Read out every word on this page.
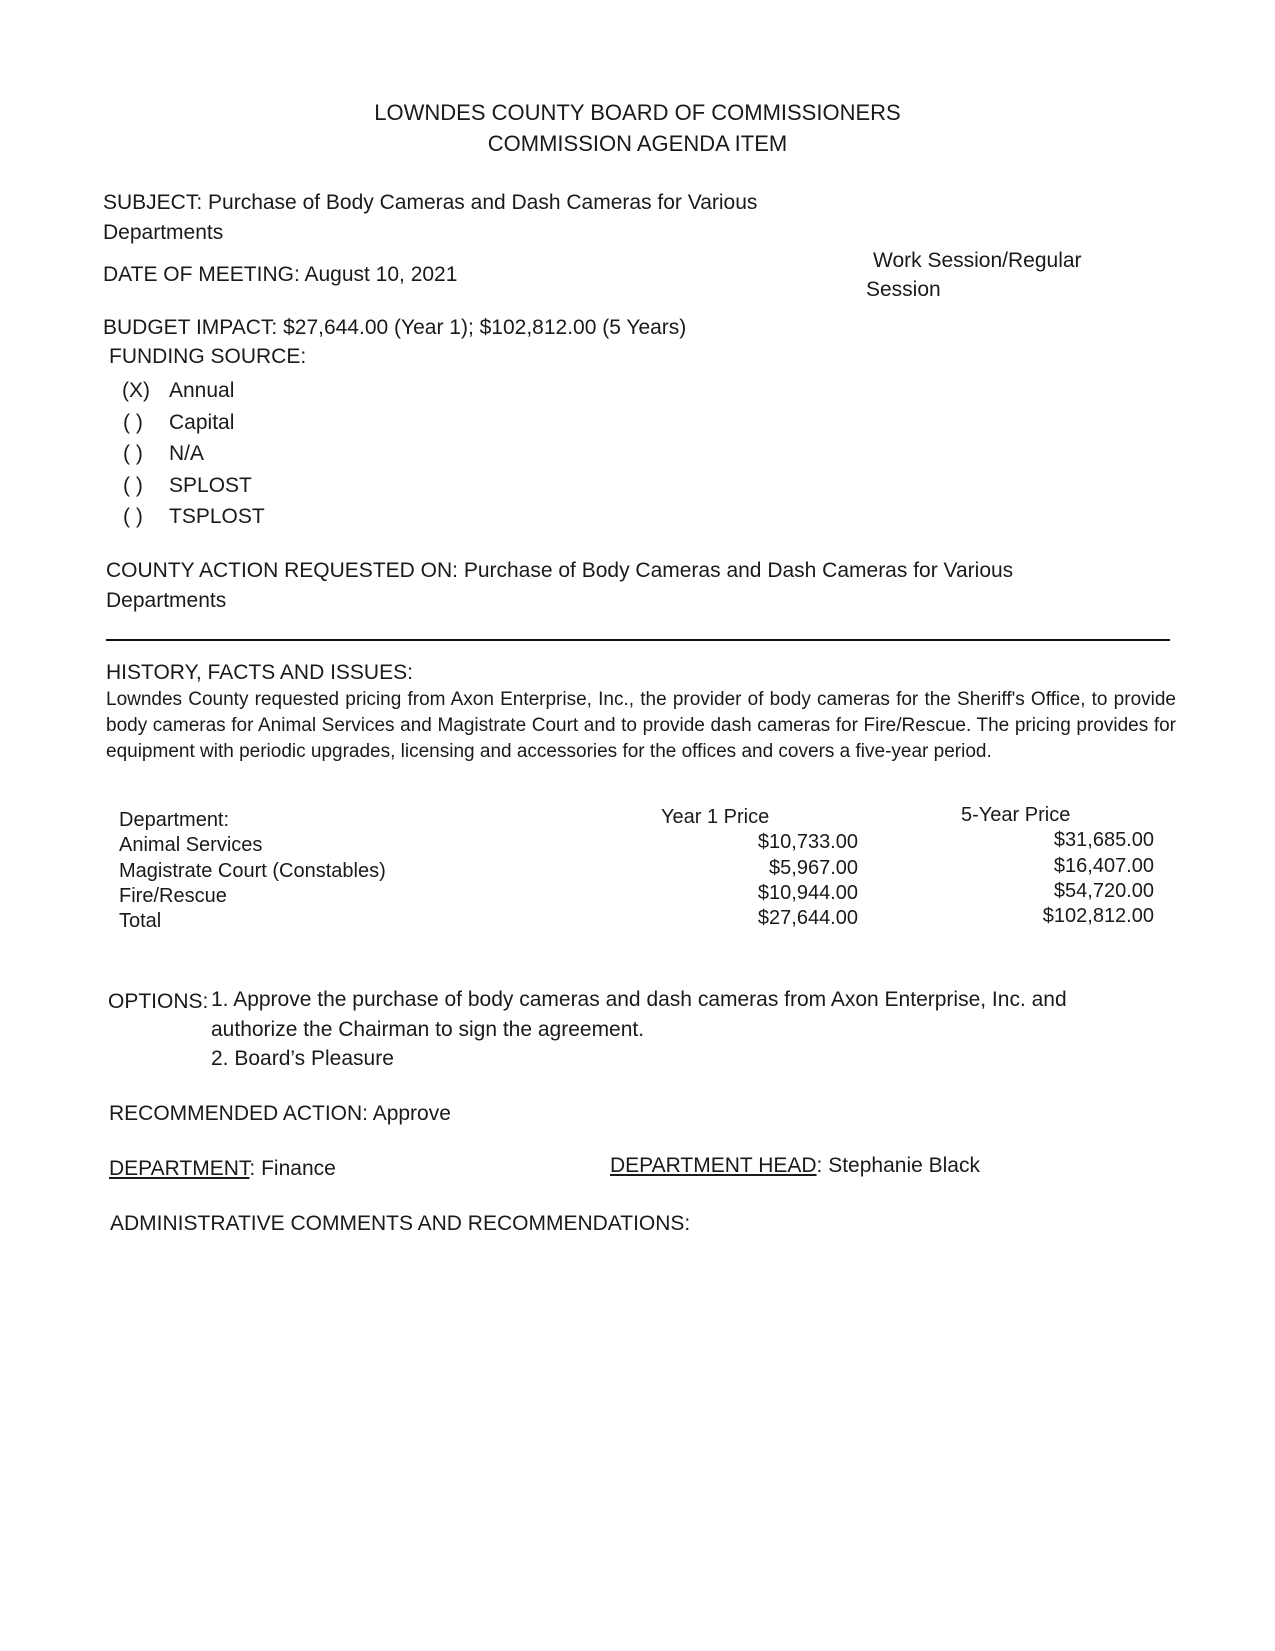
LOWNDES COUNTY BOARD OF COMMISSIONERS
COMMISSION AGENDA ITEM
SUBJECT: Purchase of Body Cameras and Dash Cameras for Various
Departments
DATE OF MEETING: August 10, 2021
Work Session/Regular
Session
BUDGET IMPACT: $27,644.00 (Year 1); $102,812.00 (5 Years)
FUNDING SOURCE:
(X) Annual
( ) Capital
( ) N/A
( ) SPLOST
( ) TSPLOST
COUNTY ACTION REQUESTED ON: Purchase of Body Cameras and Dash Cameras for Various
Departments
HISTORY, FACTS AND ISSUES:
Lowndes County requested pricing from Axon Enterprise, Inc., the provider of body cameras for the Sheriff's Office, to provide body cameras for Animal Services and Magistrate Court and to provide dash cameras for Fire/Rescue. The pricing provides for equipment with periodic upgrades, licensing and accessories for the offices and covers a five-year period.
Department:	Year 1 Price	5-Year Price
Animal Services	$10,733.00	$31,685.00
Magistrate Court (Constables)	$5,967.00	$16,407.00
Fire/Rescue	$10,944.00	$54,720.00
Total	$27,644.00	$102,812.00
OPTIONS: 1. Approve the purchase of body cameras and dash cameras from Axon Enterprise, Inc. and
authorize the Chairman to sign the agreement.
2. Board’s Pleasure
RECOMMENDED ACTION: Approve
DEPARTMENT: Finance	DEPARTMENT HEAD: Stephanie Black
ADMINISTRATIVE COMMENTS AND RECOMMENDATIONS:
